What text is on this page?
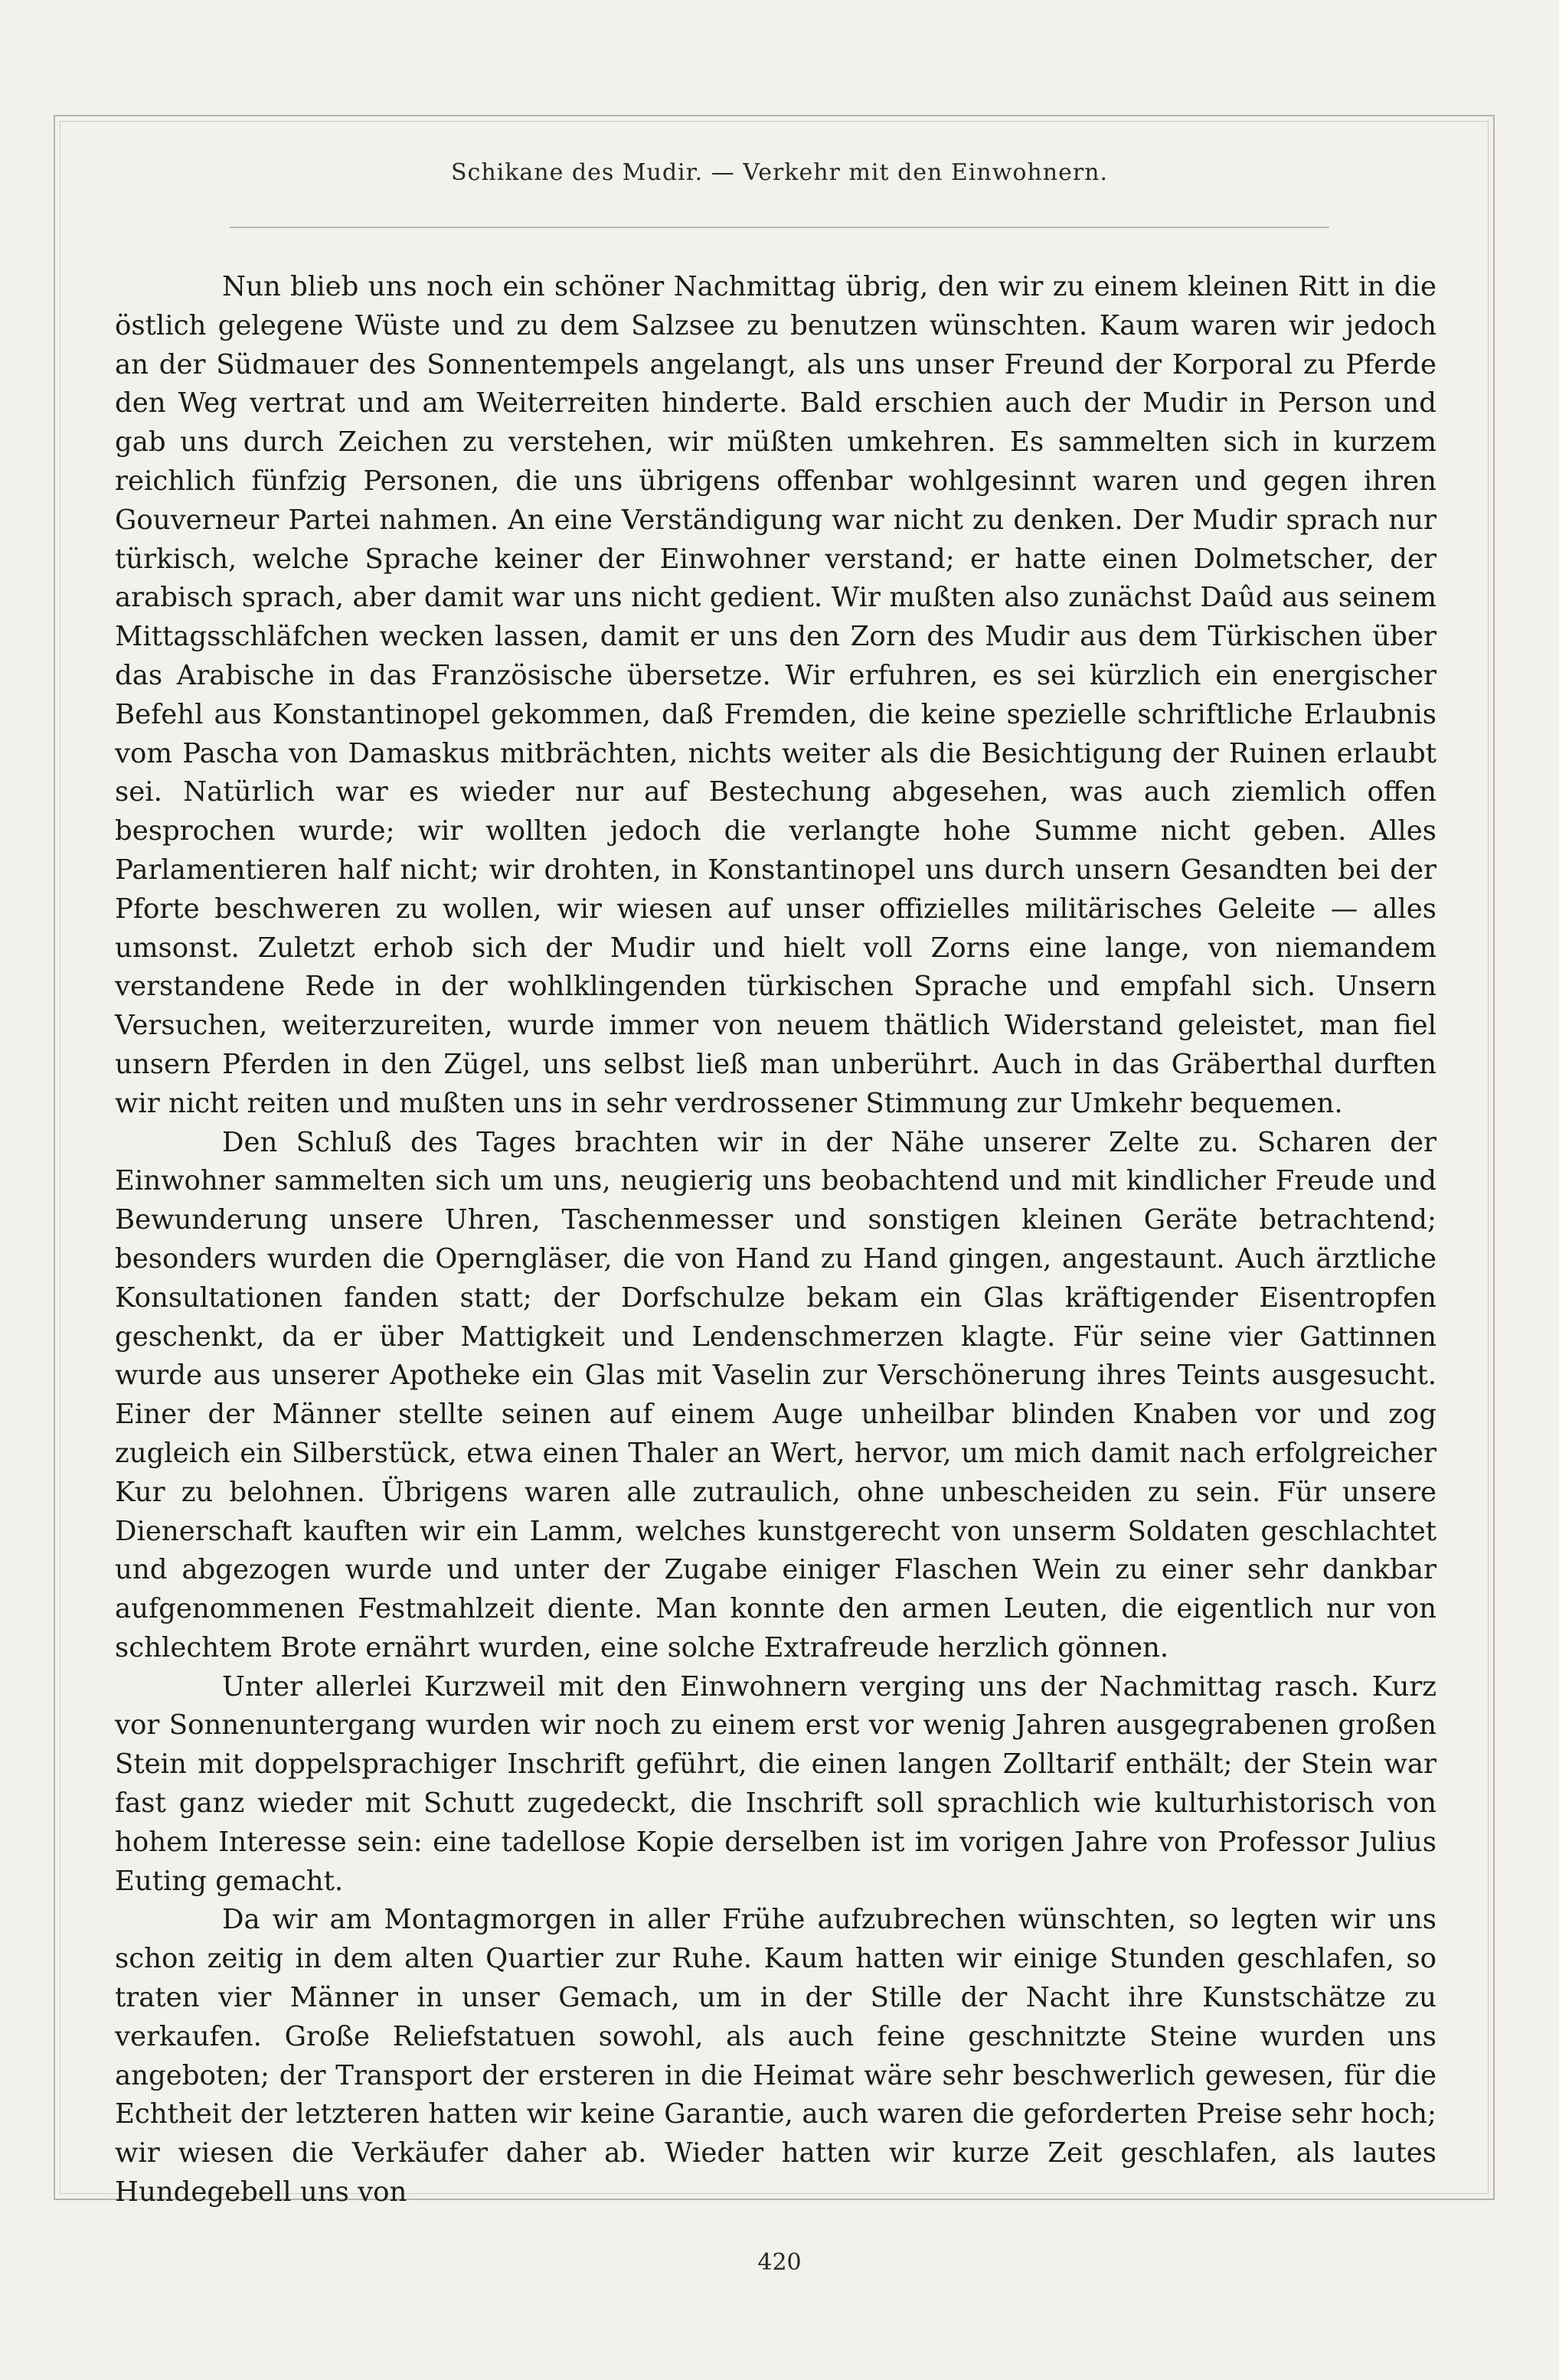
Schikane des Mudir. — Verkehr mit den Einwohnern.

Nun blieb uns noch ein schöner Nachmittag übrig, den wir zu einem kleinen Ritt in die östlich gelegene Wüste und zu dem Salzsee zu benutzen wünschten. Kaum waren wir jedoch an der Südmauer des Sonnentempels angelangt, als uns unser Freund der Korporal zu Pferde den Weg vertrat und am Weiterreiten hinderte. Bald erschien auch der Mudir in Person und gab uns durch Zeichen zu verstehen, wir müßten umkehren. Es sammelten sich in kurzem reichlich fünfzig Personen, die uns übrigens offenbar wohlgesinnt waren und gegen ihren Gouverneur Partei nahmen. An eine Verständigung war nicht zu denken. Der Mudir sprach nur türkisch, welche Sprache keiner der Einwohner verstand; er hatte einen Dolmetscher, der arabisch sprach, aber damit war uns nicht gedient. Wir mußten also zunächst Daûd aus seinem Mittagsschläfchen wecken lassen, damit er uns den Zorn des Mudir aus dem Türkischen über das Arabische in das Französische übersetze. Wir erfuhren, es sei kürzlich ein energischer Befehl aus Konstantinopel gekommen, daß Fremden, die keine spezielle schriftliche Erlaubnis vom Pascha von Damaskus mitbrächten, nichts weiter als die Besichtigung der Ruinen erlaubt sei. Natürlich war es wieder nur auf Bestechung abgesehen, was auch ziemlich offen besprochen wurde; wir wollten jedoch die verlangte hohe Summe nicht geben. Alles Parlamentieren half nicht; wir drohten, in Konstantinopel uns durch unsern Gesandten bei der Pforte beschweren zu wollen, wir wiesen auf unser offizielles militärisches Geleite — alles umsonst. Zuletzt erhob sich der Mudir und hielt voll Zorns eine lange, von niemandem verstandene Rede in der wohlklingenden türkischen Sprache und empfahl sich. Unsern Versuchen, weiterzureiten, wurde immer von neuem thätlich Widerstand geleistet, man fiel unsern Pferden in den Zügel, uns selbst ließ man unberührt. Auch in das Gräberthal durften wir nicht reiten und mußten uns in sehr verdrossener Stimmung zur Umkehr bequemen.

Den Schluß des Tages brachten wir in der Nähe unserer Zelte zu. Scharen der Einwohner sammelten sich um uns, neugierig uns beobachtend und mit kindlicher Freude und Bewunderung unsere Uhren, Taschenmesser und sonstigen kleinen Geräte betrachtend; besonders wurden die Operngläser, die von Hand zu Hand gingen, angestaunt. Auch ärztliche Konsultationen fanden statt; der Dorfschulze bekam ein Glas kräftigender Eisentropfen geschenkt, da er über Mattigkeit und Lendenschmerzen klagte. Für seine vier Gattinnen wurde aus unserer Apotheke ein Glas mit Vaselin zur Verschönerung ihres Teints ausgesucht. Einer der Männer stellte seinen auf einem Auge unheilbar blinden Knaben vor und zog zugleich ein Silberstück, etwa einen Thaler an Wert, hervor, um mich damit nach erfolgreicher Kur zu belohnen. Übrigens waren alle zutraulich, ohne unbescheiden zu sein. Für unsere Dienerschaft kauften wir ein Lamm, welches kunstgerecht von unserm Soldaten geschlachtet und abgezogen wurde und unter der Zugabe einiger Flaschen Wein zu einer sehr dankbar aufgenommenen Festmahlzeit diente. Man konnte den armen Leuten, die eigentlich nur von schlechtem Brote ernährt wurden, eine solche Extrafreude herzlich gönnen.

Unter allerlei Kurzweil mit den Einwohnern verging uns der Nachmittag rasch. Kurz vor Sonnenuntergang wurden wir noch zu einem erst vor wenig Jahren ausgegrabenen großen Stein mit doppelsprachiger Inschrift geführt, die einen langen Zolltarif enthält; der Stein war fast ganz wieder mit Schutt zugedeckt, die Inschrift soll sprachlich wie kulturhistorisch von hohem Interesse sein: eine tadellose Kopie derselben ist im vorigen Jahre von Professor Julius Euting gemacht.

Da wir am Montagmorgen in aller Frühe aufzubrechen wünschten, so legten wir uns schon zeitig in dem alten Quartier zur Ruhe. Kaum hatten wir einige Stunden geschlafen, so traten vier Männer in unser Gemach, um in der Stille der Nacht ihre Kunstschätze zu verkaufen. Große Reliefstatuen sowohl, als auch feine geschnitzte Steine wurden uns angeboten; der Transport der ersteren in die Heimat wäre sehr beschwerlich gewesen, für die Echtheit der letzteren hatten wir keine Garantie, auch waren die geforderten Preise sehr hoch; wir wiesen die Verkäufer daher ab. Wieder hatten wir kurze Zeit geschlafen, als lautes Hundegebell uns von

420
